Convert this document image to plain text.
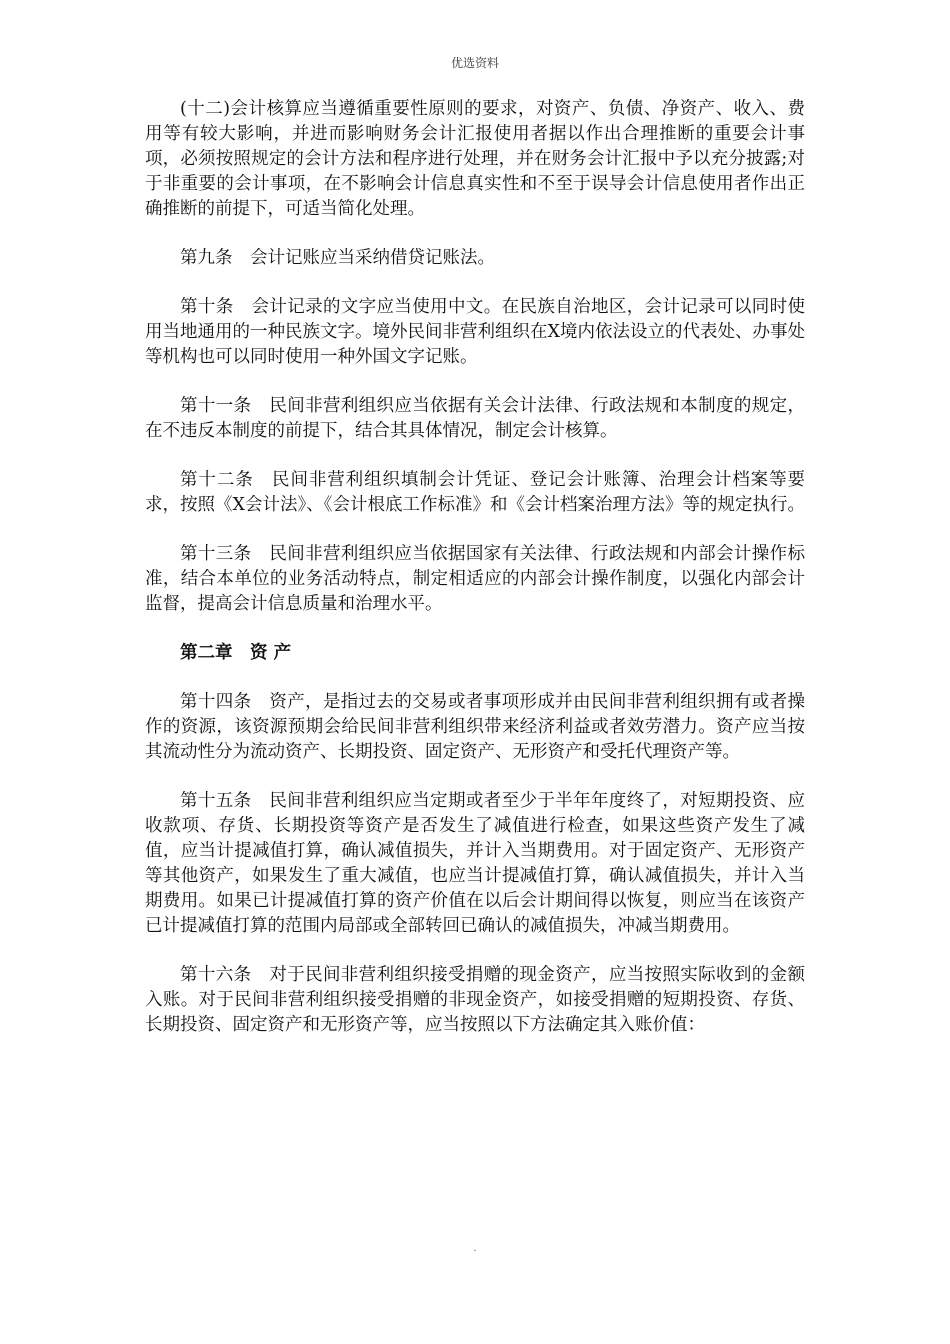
优选资料

(十二)会计核算应当遵循重要性原则的要求，对资产、负债、净资产、收入、费用等有较大影响，并进而影响财务会计汇报使用者据以作出合理推断的重要会计事项，必须按照规定的会计方法和程序进行处理，并在财务会计汇报中予以充分披露;对于非重要的会计事项，在不影响会计信息真实性和不至于误导会计信息使用者作出正确推断的前提下，可适当简化处理。

第九条　会计记账应当采纳借贷记账法。

第十条　会计记录的文字应当使用中文。在民族自治地区，会计记录可以同时使用当地通用的一种民族文字。境外民间非营利组织在X境内依法设立的代表处、办事处等机构也可以同时使用一种外国文字记账。

第十一条　民间非营利组织应当依据有关会计法律、行政法规和本制度的规定，在不违反本制度的前提下，结合其具体情况，制定会计核算。

第十二条　民间非营利组织填制会计凭证、登记会计账簿、治理会计档案等要求，按照《X会计法》、《会计根底工作标准》和《会计档案治理方法》等的规定执行。

第十三条　民间非营利组织应当依据国家有关法律、行政法规和内部会计操作标准，结合本单位的业务活动特点，制定相适应的内部会计操作制度，以强化内部会计监督，提高会计信息质量和治理水平。

第二章　资 产

第十四条　资产，是指过去的交易或者事项形成并由民间非营利组织拥有或者操作的资源，该资源预期会给民间非营利组织带来经济利益或者效劳潜力。资产应当按其流动性分为流动资产、长期投资、固定资产、无形资产和受托代理资产等。

第十五条　民间非营利组织应当定期或者至少于半年年度终了，对短期投资、应收款项、存货、长期投资等资产是否发生了减值进行检查，如果这些资产发生了减值，应当计提减值打算，确认减值损失，并计入当期费用。对于固定资产、无形资产等其他资产，如果发生了重大减值，也应当计提减值打算，确认减值损失，并计入当期费用。如果已计提减值打算的资产价值在以后会计期间得以恢复，则应当在该资产已计提减值打算的范围内局部或全部转回已确认的减值损失，冲减当期费用。

第十六条　对于民间非营利组织接受捐赠的现金资产，应当按照实际收到的金额入账。对于民间非营利组织接受捐赠的非现金资产，如接受捐赠的短期投资、存货、长期投资、固定资产和无形资产等，应当按照以下方法确定其入账价值：

.
